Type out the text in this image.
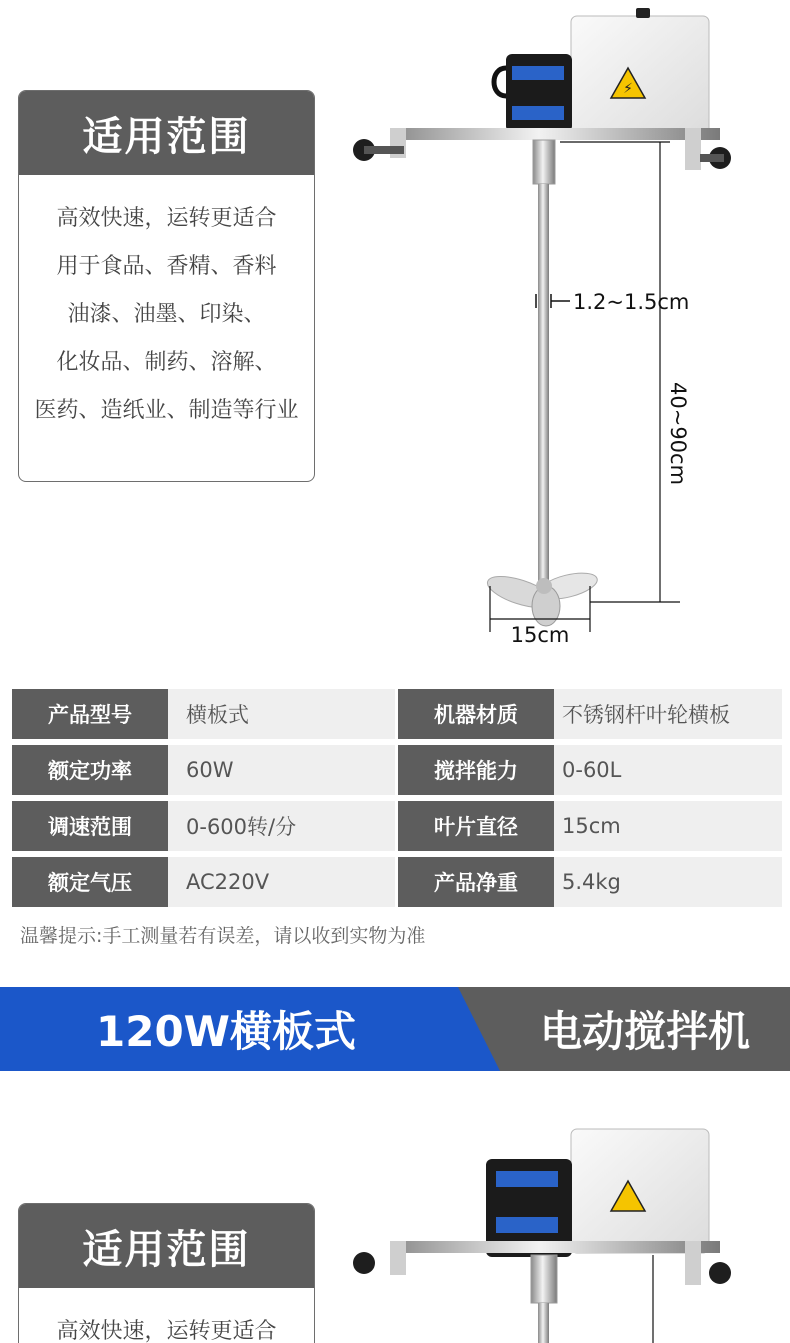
适用范围
高效快速，运转更适合
用于食品、香精、香料
油漆、油墨、印染、
化妆品、制药、溶解、
医药、造纸业、制造等行业
⚡
1.2~1.5cm
40~90cm
15cm
产品型号	横板式	机器材质	不锈钢杆叶轮横板
额定功率	60W	搅拌能力	0-60L
调速范围	0-600转/分	叶片直径	15cm
额定气压	AC220V	产品净重	5.4kg
温馨提示:手工测量若有误差，请以收到实物为准
120W横板式	电动搅拌机
适用范围
高效快速，运转更适合
